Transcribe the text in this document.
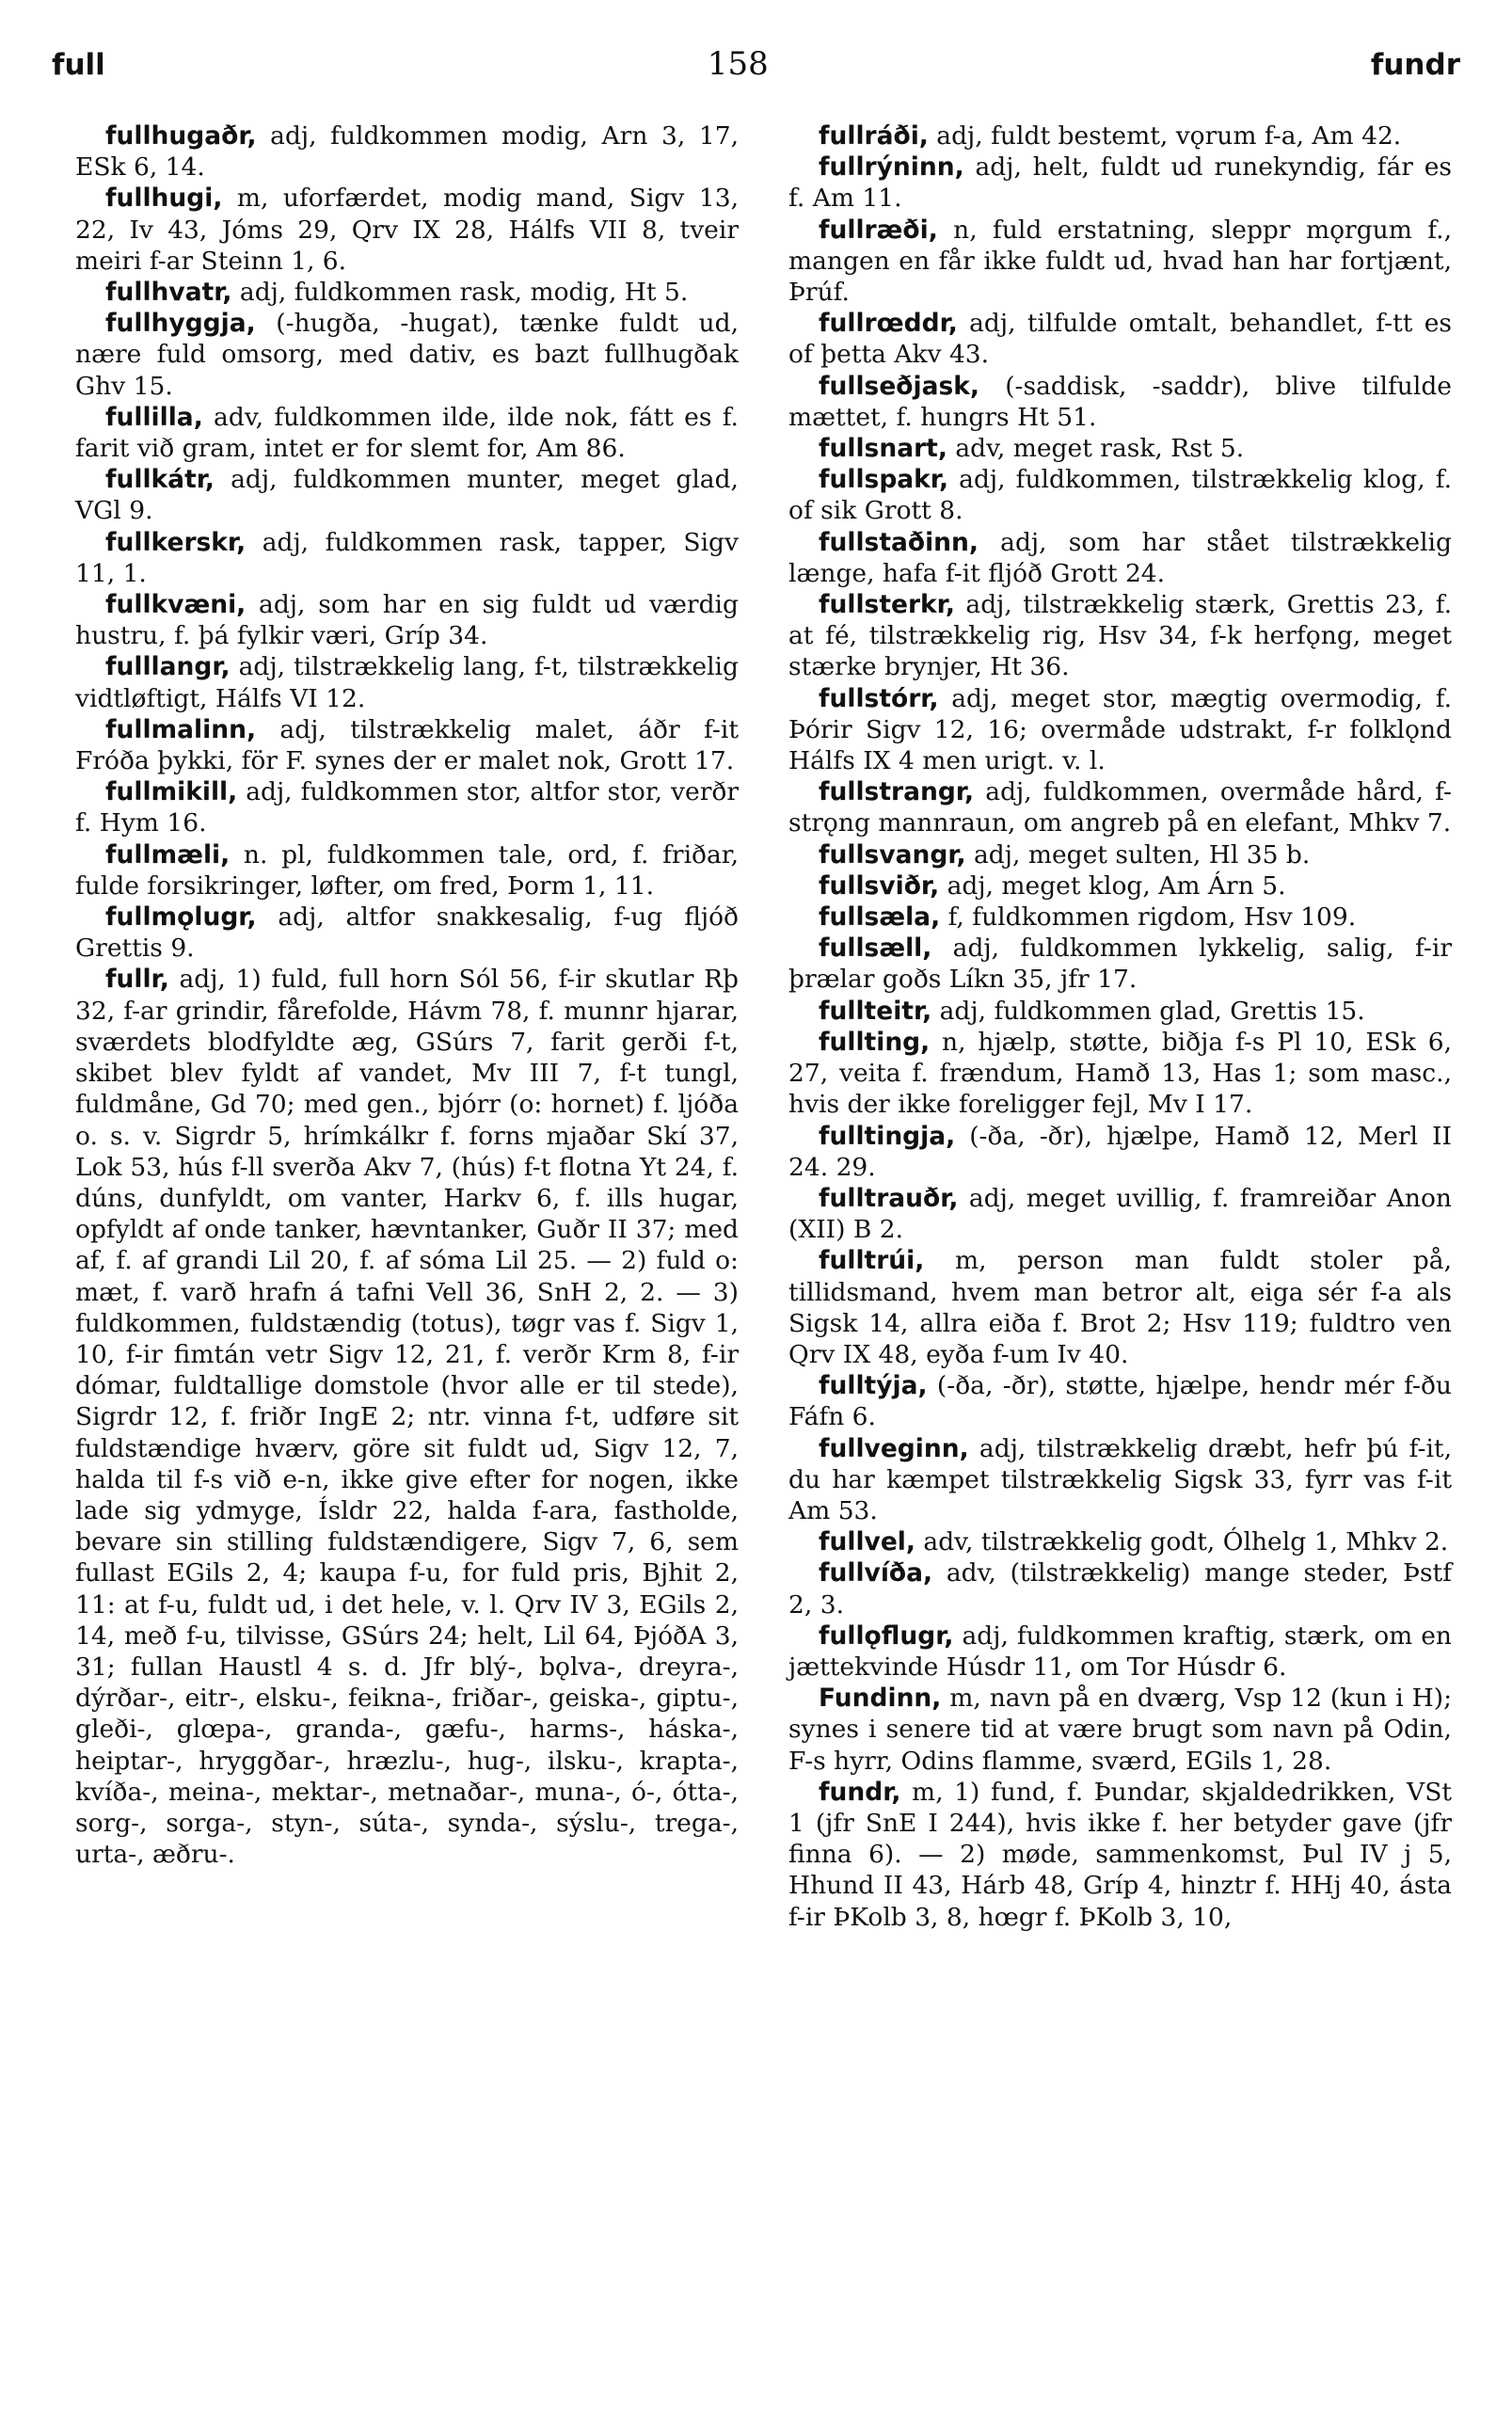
full	158	fundr

fullhugaðr, adj, fuldkommen modig, Arn 3, 17, ESk 6, 14.

fullhugi, m, uforfærdet, modig mand, Sigv 13, 22, Iv 43, Jóms 29, Qrv IX 28, Hálfs VII 8, tveir meiri f-ar Steinn 1, 6.

fullhvatr, adj, fuldkommen rask, modig, Ht 5.

fullhyggja, (-hugða, -hugat), tænke fuldt ud, nære fuld omsorg, med dativ, es bazt fullhugðak Ghv 15.

fullilla, adv, fuldkommen ilde, ilde nok, fátt es f. farit við gram, intet er for slemt for, Am 86.

fullkátr, adj, fuldkommen munter, meget glad, VGl 9.

fullkerskr, adj, fuldkommen rask, tapper, Sigv 11, 1.

fullkvæni, adj, som har en sig fuldt ud værdig hustru, f. þá fylkir væri, Gríp 34.

fulllangr, adj, tilstrækkelig lang, f-t, tilstrækkelig vidtløftigt, Hálfs VI 12.

fullmalinn, adj, tilstrækkelig malet, áðr f-it Fróða þykki, för F. synes der er malet nok, Grott 17.

fullmikill, adj, fuldkommen stor, altfor stor, verðr f. Hym 16.

fullmæli, n. pl, fuldkommen tale, ord, f. friðar, fulde forsikringer, løfter, om fred, Þorm 1, 11.

fullmǫlugr, adj, altfor snakkesalig, f-ug fljóð Grettis 9.

fullr, adj, 1) fuld, full horn Sól 56, f-ir skutlar Rþ 32, f-ar grindir, fårefolde, Hávm 78, f. munnr hjarar, sværdets blodfyldte æg, GSúrs 7, farit gerði f-t, skibet blev fyldt af vandet, Mv III 7, f-t tungl, fuldmåne, Gd 70; med gen., bjórr (o: hornet) f. ljóða o. s. v. Sigrdr 5, hrímkálkr f. forns mjaðar Skí 37, Lok 53, hús f-ll sverða Akv 7, (hús) f-t flotna Yt 24, f. dúns, dunfyldt, om vanter, Harkv 6, f. ills hugar, opfyldt af onde tanker, hævntanker, Guðr II 37; med af, f. af grandi Lil 20, f. af sóma Lil 25. — 2) fuld o: mæt, f. varð hrafn á tafni Vell 36, SnH 2, 2. — 3) fuldkommen, fuldstændig (totus), tøgr vas f. Sigv 1, 10, f-ir fimtán vetr Sigv 12, 21, f. verðr Krm 8, f-ir dómar, fuldtallige domstole (hvor alle er til stede), Sigrdr 12, f. friðr IngE 2; ntr. vinna f-t, udføre sit fuldstændige hværv, göre sit fuldt ud, Sigv 12, 7, halda til f-s við e-n, ikke give efter for nogen, ikke lade sig ydmyge, Ísldr 22, halda f-ara, fastholde, bevare sin stilling fuldstændigere, Sigv 7, 6, sem fullast EGils 2, 4; kaupa f-u, for fuld pris, Bjhit 2, 11: at f-u, fuldt ud, i det hele, v. l. Qrv IV 3, EGils 2, 14, með f-u, tilvisse, GSúrs 24; helt, Lil 64, ÞjóðA 3, 31; fullan Haustl 4 s. d. Jfr blý-, bǫlva-, dreyra-, dýrðar-, eitr-, elsku-, feikna-, friðar-, geiska-, giptu-, gleði-, glœpa-, granda-, gæfu-, harms-, háska-, heiptar-, hryggðar-, hræzlu-, hug-, ilsku-, krapta-, kvíða-, meina-, mektar-, metnaðar-, muna-, ó-, ótta-, sorg-, sorga-, styn-, súta-, synda-, sýslu-, trega-, urta-, æðru-.

fullráði, adj, fuldt bestemt, vǫrum f-a, Am 42.

fullrýninn, adj, helt, fuldt ud runekyndig, fár es f. Am 11.

fullræði, n, fuld erstatning, sleppr mǫrgum f., mangen en får ikke fuldt ud, hvad han har fortjænt, Þrúf.

fullrœddr, adj, tilfulde omtalt, behandlet, f-tt es of þetta Akv 43.

fullseðjask, (-saddisk, -saddr), blive tilfulde mættet, f. hungrs Ht 51.

fullsnart, adv, meget rask, Rst 5.

fullspakr, adj, fuldkommen, tilstrækkelig klog, f. of sik Grott 8.

fullstaðinn, adj, som har stået tilstrækkelig længe, hafa f-it fljóð Grott 24.

fullsterkr, adj, tilstrækkelig stærk, Grettis 23, f. at fé, tilstrækkelig rig, Hsv 34, f-k herfǫng, meget stærke brynjer, Ht 36.

fullstórr, adj, meget stor, mægtig overmodig, f. Þórir Sigv 12, 16; overmåde udstrakt, f-r folklǫnd Hálfs IX 4 men urigt. v. l.

fullstrangr, adj, fuldkommen, overmåde hård, f-strǫng mannraun, om angreb på en elefant, Mhkv 7.

fullsvangr, adj, meget sulten, Hl 35 b.

fullsviðr, adj, meget klog, Am Árn 5.

fullsæla, f, fuldkommen rigdom, Hsv 109.

fullsæll, adj, fuldkommen lykkelig, salig, f-ir þrælar goðs Líkn 35, jfr 17.

fullteitr, adj, fuldkommen glad, Grettis 15.

fullting, n, hjælp, støtte, biðja f-s Pl 10, ESk 6, 27, veita f. frændum, Hamð 13, Has 1; som masc., hvis der ikke foreligger fejl, Mv I 17.

fulltingja, (-ða, -ðr), hjælpe, Hamð 12, Merl II 24. 29.

fulltrauðr, adj, meget uvillig, f. framreiðar Anon (XII) B 2.

fulltrúi, m, person man fuldt stoler på, tillidsmand, hvem man betror alt, eiga sér f-a als Sigsk 14, allra eiða f. Brot 2; Hsv 119; fuldtro ven Qrv IX 48, eyða f-um Iv 40.

fulltýja, (-ða, -ðr), støtte, hjælpe, hendr mér f-ðu Fáfn 6.

fullveginn, adj, tilstrækkelig dræbt, hefr þú f-it, du har kæmpet tilstrækkelig Sigsk 33, fyrr vas f-it Am 53.

fullvel, adv, tilstrækkelig godt, Ólhelg 1, Mhkv 2.

fullvíða, adv, (tilstrækkelig) mange steder, Þstf 2, 3.

fullǫflugr, adj, fuldkommen kraftig, stærk, om en jættekvinde Húsdr 11, om Tor Húsdr 6.

Fundinn, m, navn på en dværg, Vsp 12 (kun i H); synes i senere tid at være brugt som navn på Odin, F-s hyrr, Odins flamme, sværd, EGils 1, 28.

fundr, m, 1) fund, f. Þundar, skjaldedrikken, VSt 1 (jfr SnE I 244), hvis ikke f. her betyder gave (jfr finna 6). — 2) møde, sammenkomst, Þul IV j 5, Hhund II 43, Hárb 48, Gríp 4, hinztr f. HHj 40, ásta f-ir ÞKolb 3, 8, hœgr f. ÞKolb 3, 10,
